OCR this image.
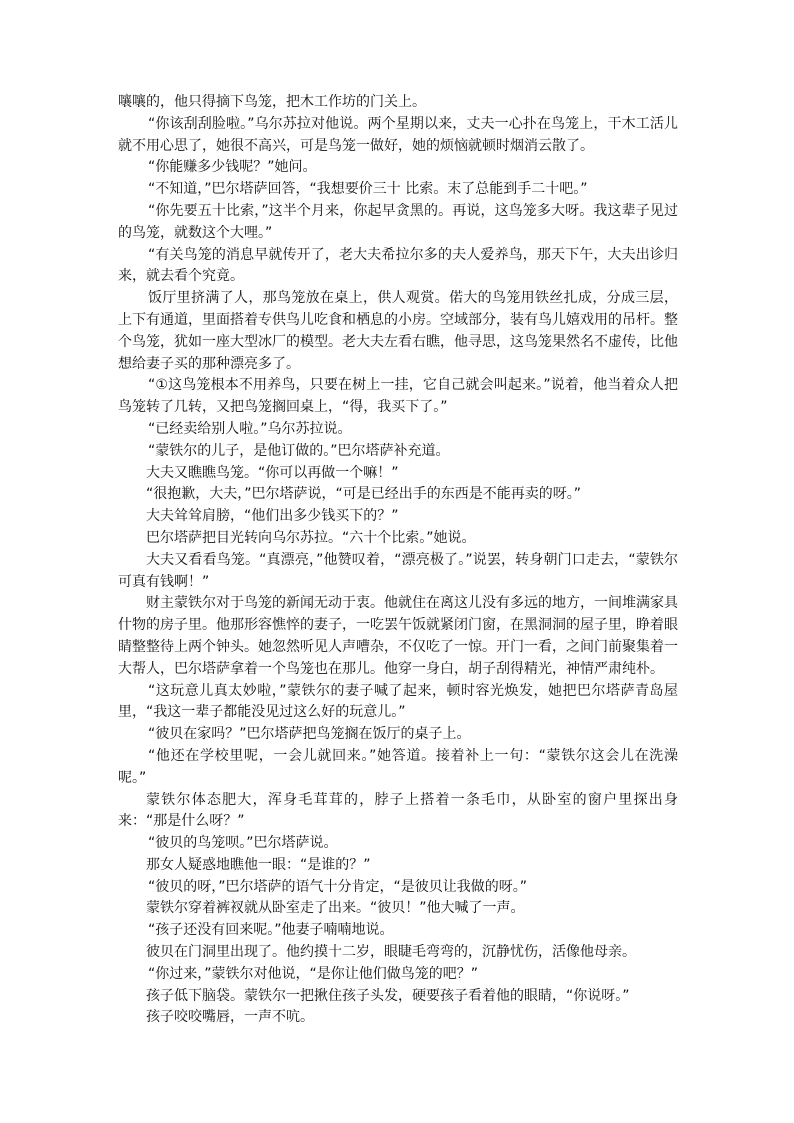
嚷嚷的，他只得摘下鸟笼，把木工作坊的门关上。

“你该刮刮脸啦。”乌尔苏拉对他说。两个星期以来，丈夫一心扑在鸟笼上，干木工活儿就不用心思了，她很不高兴，可是鸟笼一做好，她的烦恼就顿时烟消云散了。

“你能赚多少钱呢？”她问。

“不知道，”巴尔塔萨回答，“我想要价三十 比索。末了总能到手二十吧。”

“你先要五十比索，”这半个月来，你起早贪黑的。再说，这鸟笼多大呀。我这辈子见过的鸟笼，就数这个大哩。”

“有关鸟笼的消息早就传开了，老大夫希拉尔多的夫人爱养鸟，那天下午，大夫出诊归来，就去看个究竟。

饭厅里挤满了人，那鸟笼放在桌上，供人观赏。偌大的鸟笼用铁丝扎成，分成三层，上下有通道，里面搭着专供鸟儿吃食和栖息的小房。空域部分，装有鸟儿嬉戏用的吊杆。整个鸟笼，犹如一座大型冰厂的模型。老大夫左看右瞧，他寻思，这鸟笼果然名不虚传，比他想给妻子买的那种漂亮多了。

“①这鸟笼根本不用养鸟，只要在树上一挂，它自己就会叫起来。”说着，他当着众人把鸟笼转了几转，又把鸟笼搁回桌上，“得，我买下了。”

“已经卖给别人啦。”乌尔苏拉说。

“蒙铁尔的儿子，是他订做的。”巴尔塔萨补充道。

大夫又瞧瞧鸟笼。“你可以再做一个嘛！”

“很抱歉，大夫，”巴尔塔萨说，“可是已经出手的东西是不能再卖的呀。”

大夫耸耸肩膀，“他们出多少钱买下的？”

巴尔塔萨把目光转向乌尔苏拉。“六十个比索。”她说。

大夫又看看鸟笼。“真漂亮，”他赞叹着，“漂亮极了。”说罢，转身朝门口走去，“蒙铁尔可真有钱啊！”

财主蒙铁尔对于鸟笼的新闻无动于衷。他就住在离这儿没有多远的地方，一间堆满家具什物的房子里。他那形容憔悴的妻子，一吃罢午饭就紧闭门窗，在黑洞洞的屋子里，睁着眼睛整整待上两个钟头。她忽然听见人声嘈杂，不仅吃了一惊。开门一看，之间门前聚集着一大帮人，巴尔塔萨拿着一个鸟笼也在那儿。他穿一身白，胡子刮得精光，神情严肃纯朴。

“这玩意儿真太妙啦，”蒙铁尔的妻子喊了起来，顿时容光焕发，她把巴尔塔萨青岛屋里，“我这一辈子都能没见过这么好的玩意儿。”

“彼贝在家吗？”巴尔塔萨把鸟笼搁在饭厅的桌子上。

“他还在学校里呢，一会儿就回来。”她答道。接着补上一句：“蒙铁尔这会儿在洗澡呢。”

蒙铁尔体态肥大，浑身毛茸茸的，脖子上搭着一条毛巾，从卧室的窗户里探出身来：“那是什么呀？”

“彼贝的鸟笼呗。”巴尔塔萨说。

那女人疑惑地瞧他一眼：“是谁的？”

“彼贝的呀，”巴尔塔萨的语气十分肯定，“是彼贝让我做的呀。”

蒙铁尔穿着裤衩就从卧室走了出来。“彼贝！”他大喊了一声。

“孩子还没有回来呢。”他妻子喃喃地说。

彼贝在门洞里出现了。他约摸十二岁，眼睫毛弯弯的，沉静忧伤，活像他母亲。

“你过来，”蒙铁尔对他说，“是你让他们做鸟笼的吧？”

孩子低下脑袋。蒙铁尔一把揪住孩子头发，硬要孩子看着他的眼睛，“你说呀。”

孩子咬咬嘴唇，一声不吭。
